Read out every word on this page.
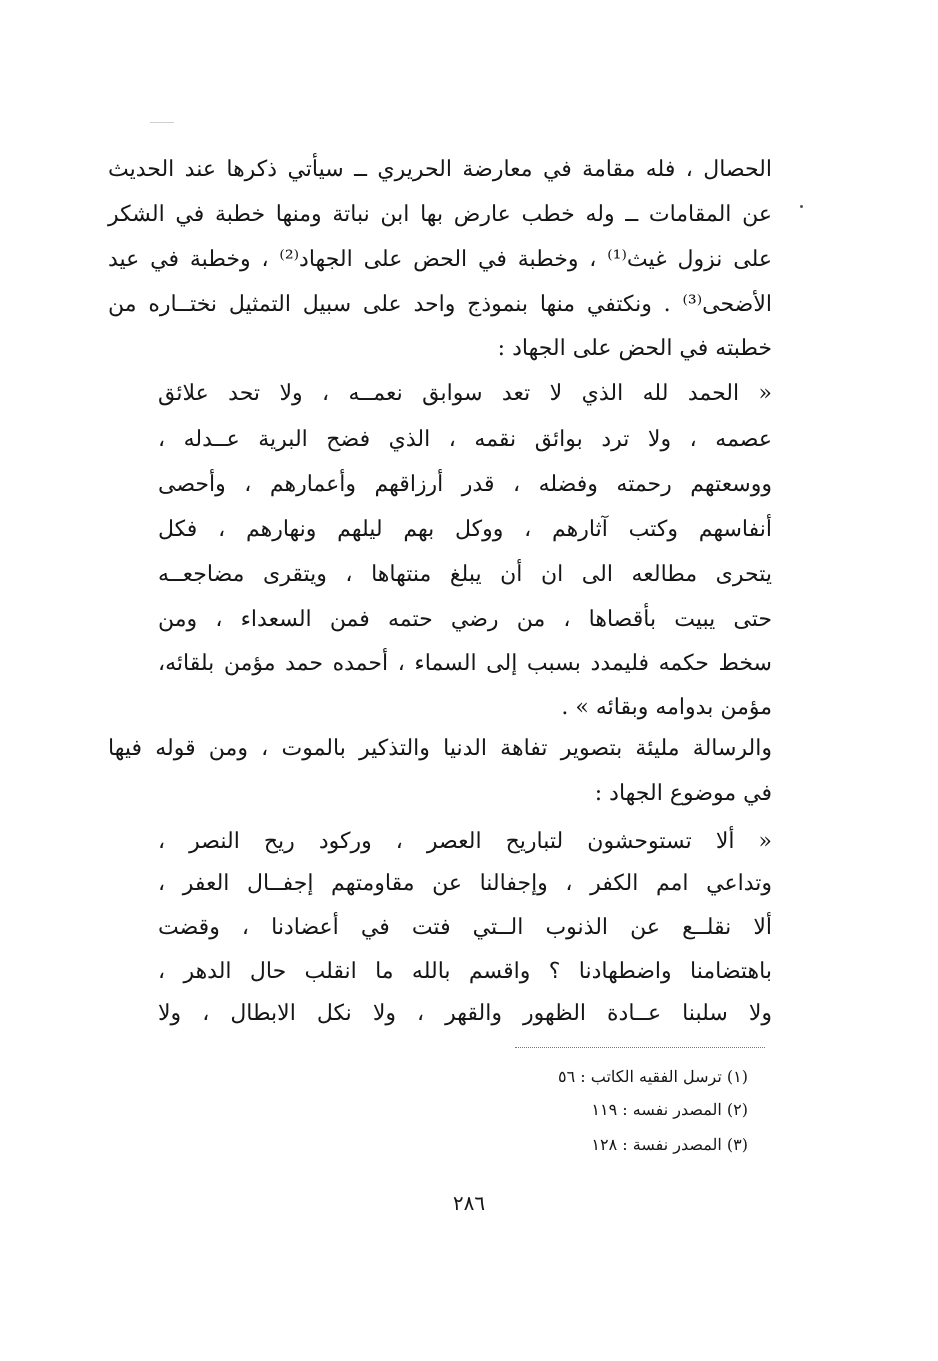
الحصال ، فله مقامة في معارضة الحريري ــ سيأتي ذكرها عند الحديث
عن المقامات ــ وله خطب عارض بها ابن نباتة ومنها خطبة في الشكر
على نزول غيث⁽¹⁾ ، وخطبة في الحض على الجهاد⁽²⁾ ، وخطبة في عيد
الأضحى⁽³⁾ . ونكتفي منها بنموذج واحد على سبيل التمثيل نختــاره من
خطبته في الحض على الجهاد :
« الحمد لله الذي لا تعد سوابق نعمــه ، ولا تحد علائق
عصمه ، ولا ترد بوائق نقمه ، الذي فضح البرية عــدله ،
ووسعتهم رحمته وفضله ، قدر أرزاقهم وأعمارهم ، وأحصى
أنفاسهم وكتب آثارهم ، ووكل بهم ليلهم ونهارهم ، فكل
يتحرى مطالعه الى ان أن يبلغ منتهاها ، ويتقرى مضاجعــه
حتى يبيت بأقصاها ، من رضي حتمه فمن السعداء ، ومن
سخط حكمه فليمدد بسبب إلى السماء ، أحمده حمد مؤمن بلقائه،
مؤمن بدوامه وبقائه » .
والرسالة مليئة بتصوير تفاهة الدنيا والتذكير بالموت ، ومن قوله فيها
في موضوع الجهاد :
« ألا تستوحشون لتباريح العصر ، وركود ريح النصر ،
وتداعي امم الكفر ، وإجفالنا عن مقاومتهم إجفــال العفر ،
ألا نقلــع عن الذنوب الــتي فتت في أعضادنا ، وقضت
باهتضامنا واضطهادنا ؟ واقسم بالله ما انقلب حال الدهر ،
ولا سلبنا عــادة الظهور والقهر ، ولا نكل الابطال ، ولا
(١) ترسل الفقيه الكاتب : ٥٦
(٢) المصدر نفسه : ١١٩
(٣) المصدر نفسة : ١٢٨
٢٨٦
